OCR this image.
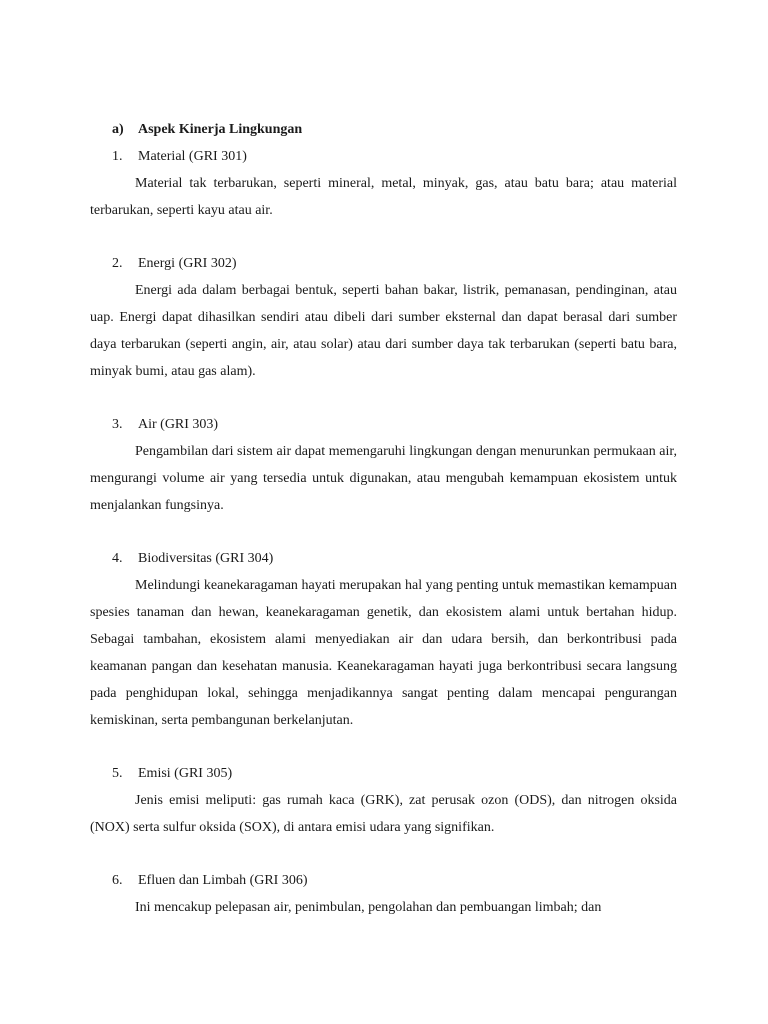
a)	Aspek Kinerja Lingkungan
1.	Material (GRI 301)

Material tak terbarukan, seperti mineral, metal, minyak, gas, atau batu bara; atau material terbarukan, seperti kayu atau air.

2.	Energi (GRI 302)

Energi ada dalam berbagai bentuk, seperti bahan bakar, listrik, pemanasan, pendinginan, atau uap. Energi dapat dihasilkan sendiri atau dibeli dari sumber eksternal dan dapat berasal dari sumber daya terbarukan (seperti angin, air, atau solar) atau dari sumber daya tak terbarukan (seperti batu bara, minyak bumi, atau gas alam).

3.	Air (GRI 303)

Pengambilan dari sistem air dapat memengaruhi lingkungan dengan menurunkan permukaan air, mengurangi volume air yang tersedia untuk digunakan, atau mengubah kemampuan ekosistem untuk menjalankan fungsinya.

4.	Biodiversitas (GRI 304)

Melindungi keanekaragaman hayati merupakan hal yang penting untuk memastikan kemampuan spesies tanaman dan hewan, keanekaragaman genetik, dan ekosistem alami untuk bertahan hidup. Sebagai tambahan, ekosistem alami menyediakan air dan udara bersih, dan berkontribusi pada keamanan pangan dan kesehatan manusia. Keanekaragaman hayati juga berkontribusi secara langsung pada penghidupan lokal, sehingga menjadikannya sangat penting dalam mencapai pengurangan kemiskinan, serta pembangunan berkelanjutan.

5.	Emisi (GRI 305)

Jenis emisi meliputi: gas rumah kaca (GRK), zat perusak ozon (ODS), dan nitrogen oksida (NOX) serta sulfur oksida (SOX), di antara emisi udara yang signifikan.

6.	Efluen dan Limbah (GRI 306)

Ini mencakup pelepasan air, penimbulan, pengolahan dan pembuangan limbah; dan
